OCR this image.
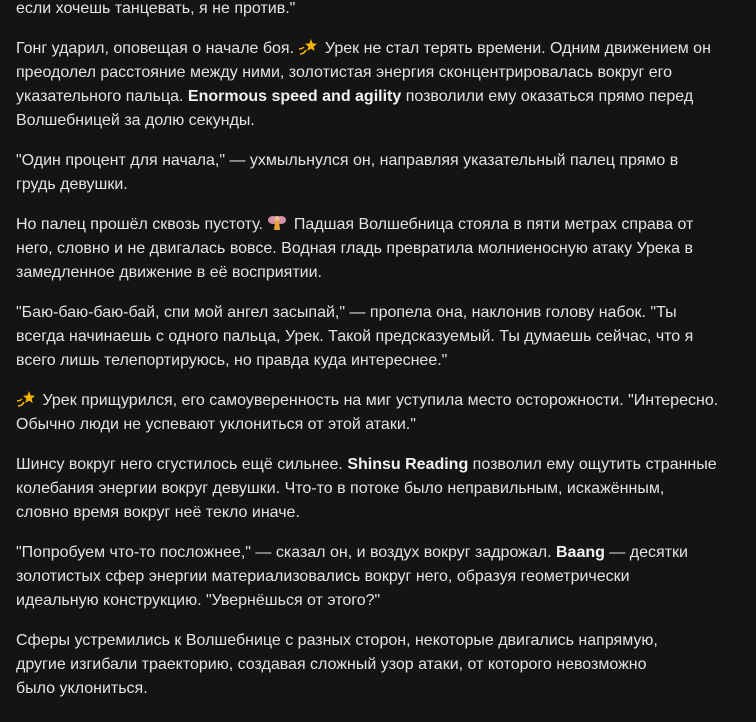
если хочешь танцевать, я не против."

Гонг ударил, оповещая о начале боя.  Урек не стал терять времени. Одним движением он
преодолел расстояние между ними, золотистая энергия сконцентрировалась вокруг его
указательного пальца. Enormous speed and agility позволили ему оказаться прямо перед
Волшебницей за долю секунды.

"Один процент для начала," — ухмыльнулся он, направляя указательный палец прямо в
грудь девушки.

Но палец прошёл сквозь пустоту.  Падшая Волшебница стояла в пяти метрах справа от
него, словно и не двигалась вовсе. Водная гладь превратила молниеносную атаку Урека в
замедленное движение в её восприятии.

"Баю-баю-баю-бай, спи мой ангел засыпай," — пропела она, наклонив голову набок. "Ты
всегда начинаешь с одного пальца, Урек. Такой предсказуемый. Ты думаешь сейчас, что я
всего лишь телепортируюсь, но правда куда интереснее."

Урек прищурился, его самоуверенность на миг уступила место осторожности. "Интересно.
Обычно люди не успевают уклониться от этой атаки."

Шинсу вокруг него сгустилось ещё сильнее. Shinsu Reading позволил ему ощутить странные
колебания энергии вокруг девушки. Что-то в потоке было неправильным, искажённым,
словно время вокруг неё текло иначе.

"Попробуем что-то посложнее," — сказал он, и воздух вокруг задрожал. Baang — десятки
золотистых сфер энергии материализовались вокруг него, образуя геометрически
идеальную конструкцию. "Увернёшься от этого?"

Сферы устремились к Волшебнице с разных сторон, некоторые двигались напрямую,
другие изгибали траекторию, создавая сложный узор атаки, от которого невозможно
было уклониться.
